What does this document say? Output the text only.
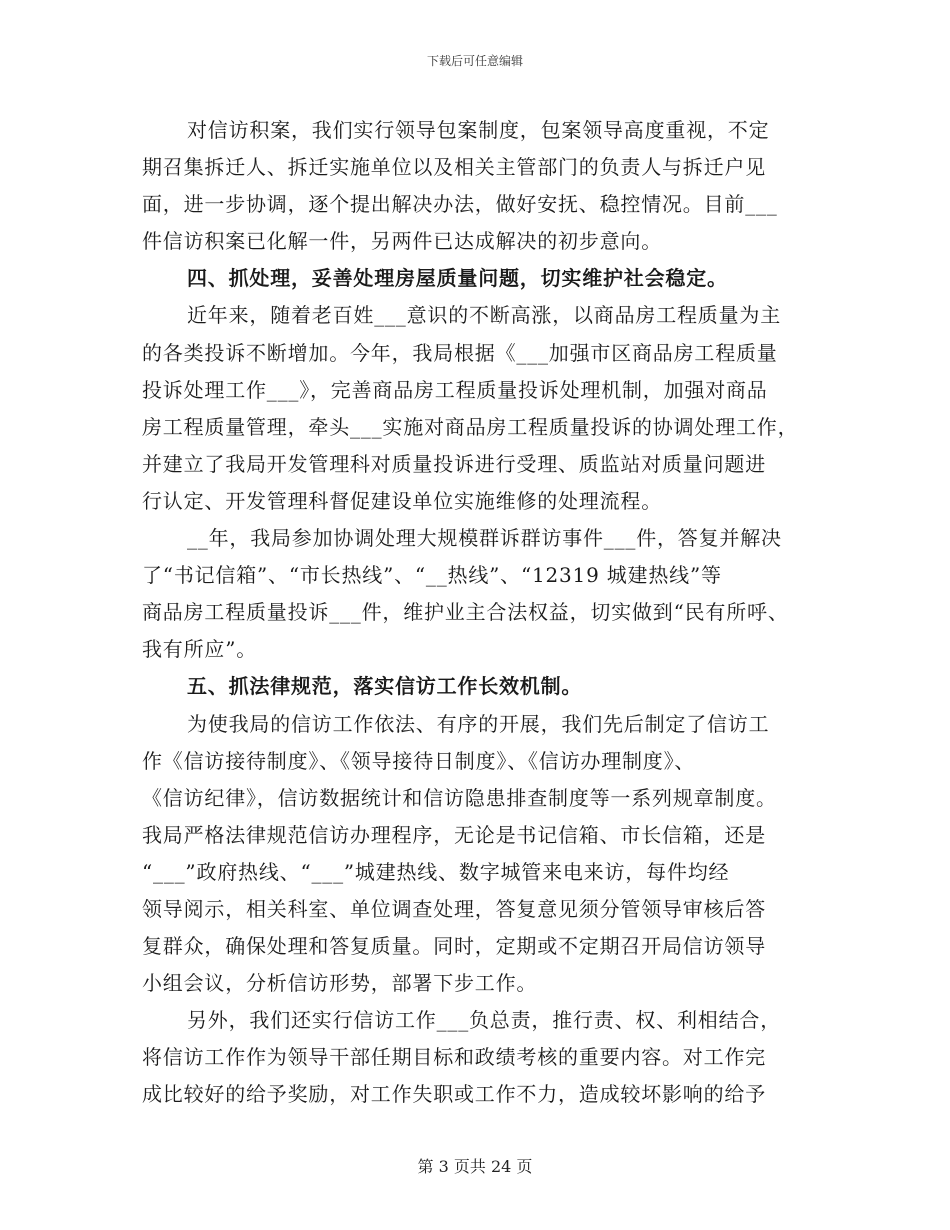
下载后可任意编辑
对信访积案，我们实行领导包案制度，包案领导高度重视，不定
期召集拆迁人、拆迁实施单位以及相关主管部门的负责人与拆迁户见
面，进一步协调，逐个提出解决办法，做好安抚、稳控情况。目前___
件信访积案已化解一件，另两件已达成解决的初步意向。
四、抓处理，妥善处理房屋质量问题，切实维护社会稳定。
近年来，随着老百姓___意识的不断高涨，以商品房工程质量为主
的各类投诉不断增加。今年，我局根据《___加强市区商品房工程质量
投诉处理工作___》，完善商品房工程质量投诉处理机制，加强对商品
房工程质量管理，牵头___实施对商品房工程质量投诉的协调处理工作，
并建立了我局开发管理科对质量投诉进行受理、质监站对质量问题进
行认定、开发管理科督促建设单位实施维修的处理流程。
__年，我局参加协调处理大规模群诉群访事件___件，答复并解决
了“书记信箱”、“市长热线”、“__热线”、“12319 城建热线”等
商品房工程质量投诉___件，维护业主合法权益，切实做到“民有所呼、
我有所应”。
五、抓法律规范，落实信访工作长效机制。
为使我局的信访工作依法、有序的开展，我们先后制定了信访工
作《信访接待制度》、《领导接待日制度》、《信访办理制度》、
《信访纪律》，信访数据统计和信访隐患排查制度等一系列规章制度。
我局严格法律规范信访办理程序，无论是书记信箱、市长信箱，还是
“___”政府热线、“___”城建热线、数字城管来电来访，每件均经
领导阅示，相关科室、单位调查处理，答复意见须分管领导审核后答
复群众，确保处理和答复质量。同时，定期或不定期召开局信访领导
小组会议，分析信访形势，部署下步工作。
另外，我们还实行信访工作___负总责，推行责、权、利相结合，
将信访工作作为领导干部任期目标和政绩考核的重要内容。对工作完
成比较好的给予奖励，对工作失职或工作不力，造成较坏影响的给予
第 3 页共 24 页
